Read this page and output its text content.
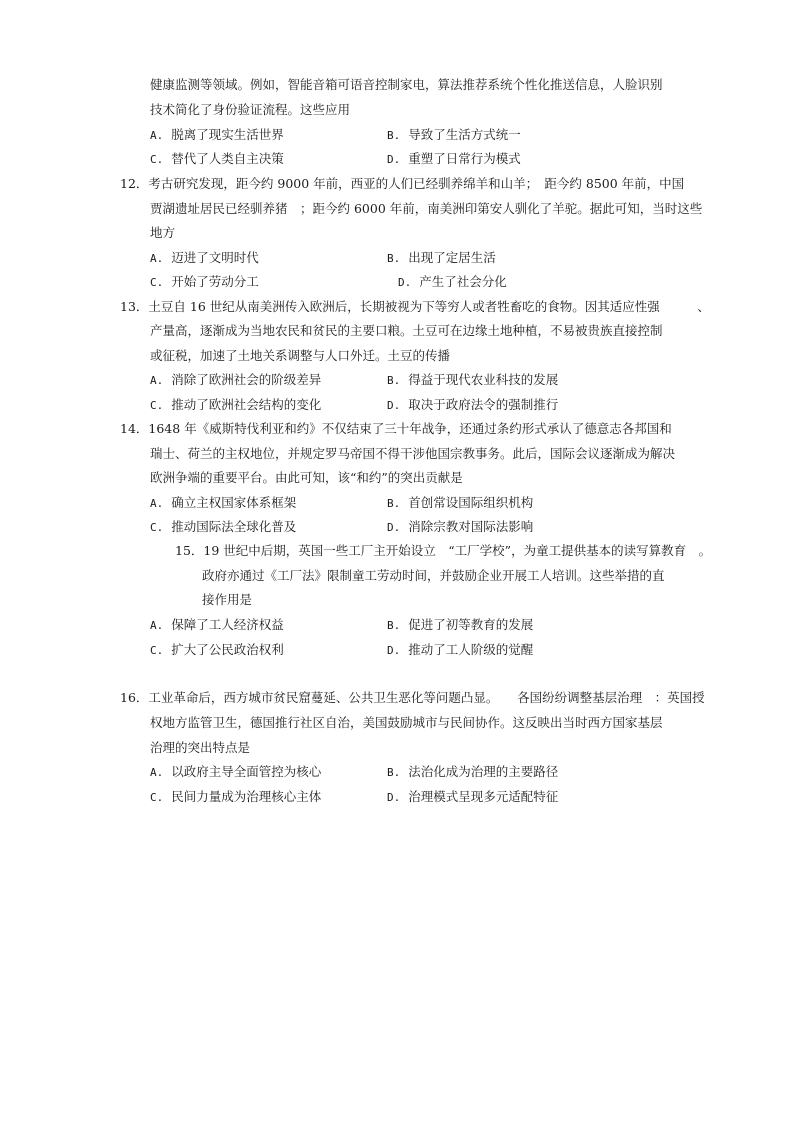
健康监测等领域。例如，智能音箱可语音控制家电，算法推荐系统个性化推送信息，人脸识别
技术简化了身份验证流程。这些应用
A. 脱离了现实生活世界	B. 导致了生活方式统一
C. 替代了人类自主决策	D. 重塑了日常行为模式
12．考古研究发现，距今约 9000 年前，西亚的人们已经驯养绵羊和山羊；　距今约 8500 年前，中国
贾湖遗址居民已经驯养猪　；距今约 6000 年前，南美洲印第安人驯化了羊驼。据此可知，当时这些
地方
A. 迈进了文明时代	B. 出现了定居生活
C. 开始了劳动分工	D. 产生了社会分化
13．土豆自 16 世纪从南美洲传入欧洲后，长期被视为下等穷人或者牲畜吃的食物。因其适应性强　　　、
产量高，逐渐成为当地农民和贫民的主要口粮。土豆可在边缘土地种植，不易被贵族直接控制
或征税，加速了土地关系调整与人口外迁。土豆的传播
A. 消除了欧洲社会的阶级差异	B. 得益于现代农业科技的发展
C. 推动了欧洲社会结构的变化	D. 取决于政府法令的强制推行
14．1648 年《威斯特伐利亚和约》不仅结束了三十年战争，还通过条约形式承认了德意志各邦国和
瑞士、荷兰的主权地位，并规定罗马帝国不得干涉他国宗教事务。此后，国际会议逐渐成为解决
欧洲争端的重要平台。由此可知，该“和约”的突出贡献是
A. 确立主权国家体系框架	B. 首创常设国际组织机构
C. 推动国际法全球化普及	D. 消除宗教对国际法影响
15．19 世纪中后期，英国一些工厂主开始设立　“工厂学校”，为童工提供基本的读写算教育　。
政府亦通过《工厂法》限制童工劳动时间，并鼓励企业开展工人培训。这些举措的直
接作用是
A. 保障了工人经济权益	B. 促进了初等教育的发展
C. 扩大了公民政治权利	D. 推动了工人阶级的觉醒
16．工业革命后，西方城市贫民窟蔓延、公共卫生恶化等问题凸显。　　各国纷纷调整基层治理　：英国授
权地方监管卫生，德国推行社区自治，美国鼓励城市与民间协作。这反映出当时西方国家基层
治理的突出特点是
A. 以政府主导全面管控为核心	B. 法治化成为治理的主要路径
C. 民间力量成为治理核心主体	D. 治理模式呈现多元适配特征
